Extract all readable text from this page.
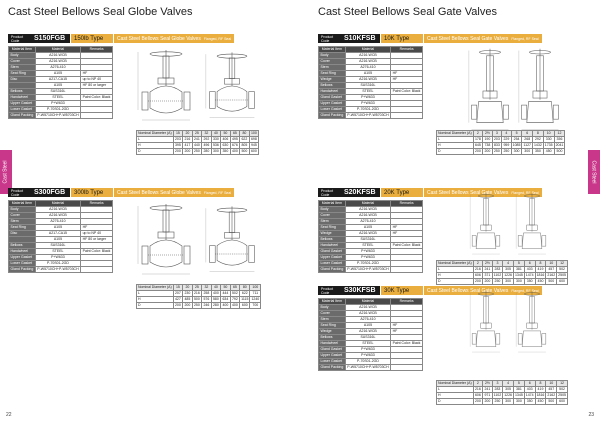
Cast Steel Bellows Seal Globe Valves	Cast Steel Bellows Seal Gate Valves
Cast Steel	Cast Steel
22	23
Product Code	S150FGB	150lb Type	Cast Steel Bellows Seal Globe Valves Flanged, RF Seal
Material Item	Material	Remarks
Body	A216-WCB	
Cover	A216-WCB	
Stem	A276-410	
Seat Ring	A105	HF
Disc	A217-CA15	up to NP 40
	A105	HF 80 or larger
Bellows	SUS316L	
Handwheel	STEEL	Paint Color: Black
Upper Gasket	P+W633	
Lower Gasket	P-70S01-2GD	
Gland Packing	P-W5710CH+P-W5703CH	
Nominal Diameter (A)	15	20	25	32	40	50	65	80	100
L	203	216	241	292	330	406	495	622	698
H	395	417	440	496	536	630	676	805	945
D	200	200	250	280	300	350	400	500	600
Product Code	S300FGB	300lb Type	Cast Steel Bellows Seal Globe Valves Flanged, RF Seal
Material Item	Material	Remarks
Body	A216-WCB	
Cover	A216-WCB	
Stem	A276-410	
Seat Ring	A105	HF
Disc	A217-CA15	up to NP 40
	A105	HF 80 or larger
Bellows	SUS316L	
Handwheel	STEEL	Paint Color: Black
Upper Gasket	P+W633	
Lower Gasket	P-70S01-2GD	
Gland Packing	P-W5710CH+P-W5703CH	
Nominal Diameter (A)	15	20	25	32	40	50	65	80	100
L	207	230	216	258	400	444	502	622	711
H	427	485	500	576	580	634	792	1115	1240
D	200	200	250	246	280	400	400	600	700
Product Code	S10KFSB	10K Type	Cast Steel Bellows Seal Gate Valves Flanged, RF Seal
Material Item	Material	Remarks
Body	A216-WCB	
Cover	A216-WCB	
Stem	A276-410	
Seat Ring	A105	HF
Wedge	A216-WCB	HF
Bellows	SUS316L	
Handwheel	STEEL	Paint Color: Black
Gland Gasket	P+W633	
Upper Gasket	P+W633	
Lower Gasket	P-70S01-2GD	
Gland Packing	P-W5710CH+P-W5703CH	
Nominal Diameter (A)	2	2½	3	4	5	6	8	10	12
L	178	190	203	229	254	268	292	330	356
H	645	738	833	959	1085	1127	1432	1735	2041
D	200	200	250	250	300	300	350	450	500
Product Code	S20KFSB	20K Type	Cast Steel Bellows Seal Gate Valves Flanged, RF Seal
Material Item	Material	Remarks
Body	A216-WCB	
Cover	A216-WCB	
Stem	A276-410	
Seat Ring	A105	HF
Wedge	A216-WCB	HF
Bellows	SUS316L	
Handwheel	STEEL	Paint Color: Black
Gland Gasket	P+W633	
Upper Gasket	P+W633	
Lower Gasket	P-70S01-2GD	
Gland Packing	P-W5710CH+P-W5703CH	
Nominal Diameter (A)	2	2½	3	4	5	6	8	10	12
L	216	241	283	305	381	403	419	457	502
H	606	371	1102	1226	1345	1474	1816	2162	2505
D	200	200	250	300	300	350	450	500	600
Product Code	S30KFSB	30K Type	Cast Steel Bellows Seal Gate Valves Flanged, RF Seal
Material Item	Material	Remarks
Body	A216-WCB	
Cover	A216-WCB	
Stem	A276-410	
Seat Ring	A105	HF
Wedge	A216-WCB	HF
Bellows	SUS316L	
Handwheel	STEEL	Paint Color: Black
Gland Gasket	P+W633	
Upper Gasket	P+W633	
Lower Gasket	P-70S01-2GD	
Gland Packing	P-W5710CH+P-W5703CH	
Nominal Diameter (A)	2	2½	3	4	5	6	8	10	12
L	216	241	283	305	381	403	419	457	502
H	606	971	1102	1226	1345	1474	1816	2162	2505
D	200	200	250	300	300	350	450	500	600
